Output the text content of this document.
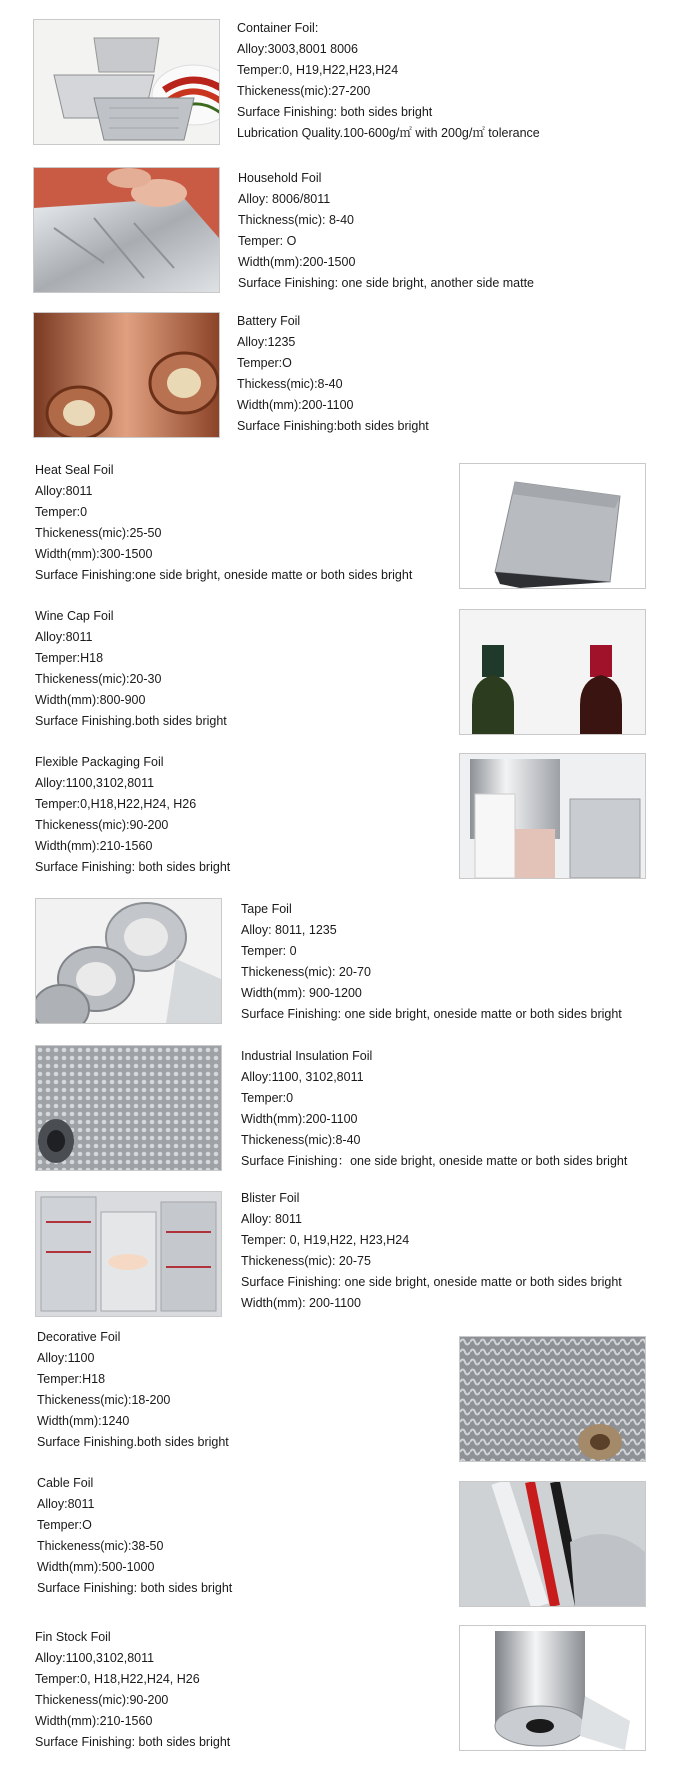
Container Foil:
Alloy:3003,8001 8006
Temper:0, H19,H22,H23,H24
Thickeness(mic):27-200
Surface Finishing: both sides bright
Lubrication Quality.100-600g/㎡ with 200g/㎡ tolerance
Household Foil
Alloy: 8006/8011
Thickness(mic): 8-40
Temper: O
Width(mm):200-1500
Surface Finishing: one side bright, another side matte
Battery Foil
Alloy:1235
Temper:O
Thickess(mic):8-40
Width(mm):200-1100
Surface Finishing:both sides bright
Heat Seal Foil
Alloy:8011
Temper:0
Thickeness(mic):25-50
Width(mm):300-1500
Surface Finishing:one side bright, oneside matte or both sides bright
Wine Cap Foil
Alloy:8011
Temper:H18
Thickeness(mic):20-30
Width(mm):800-900
Surface Finishing.both sides bright
Flexible Packaging Foil
Alloy:1100,3102,8011
Temper:0,H18,H22,H24, H26
Thickeness(mic):90-200
Width(mm):210-1560
Surface Finishing: both sides bright
Tape Foil
Alloy: 8011, 1235
Temper: 0
Thickeness(mic): 20-70
Width(mm): 900-1200
Surface Finishing: one side bright, oneside matte or both sides bright
Industrial Insulation Foil
Alloy:1100, 3102,8011
Temper:0
Width(mm):200-1100
Thickeness(mic):8-40
Surface Finishing：one side bright, oneside matte or both sides bright
Blister Foil
Alloy: 8011
Temper: 0, H19,H22, H23,H24
Thickeness(mic): 20-75
Surface Finishing: one side bright, oneside matte or both sides bright
Width(mm): 200-1100
Decorative Foil
Alloy:1100
Temper:H18
Thickeness(mic):18-200
Width(mm):1240
Surface Finishing.both sides bright
Cable Foil
Alloy:8011
Temper:O
Thickeness(mic):38-50
Width(mm):500-1000
Surface Finishing: both sides bright
Fin Stock Foil
Alloy:1100,3102,8011
Temper:0, H18,H22,H24, H26
Thickeness(mic):90-200
Width(mm):210-1560
Surface Finishing: both sides bright
